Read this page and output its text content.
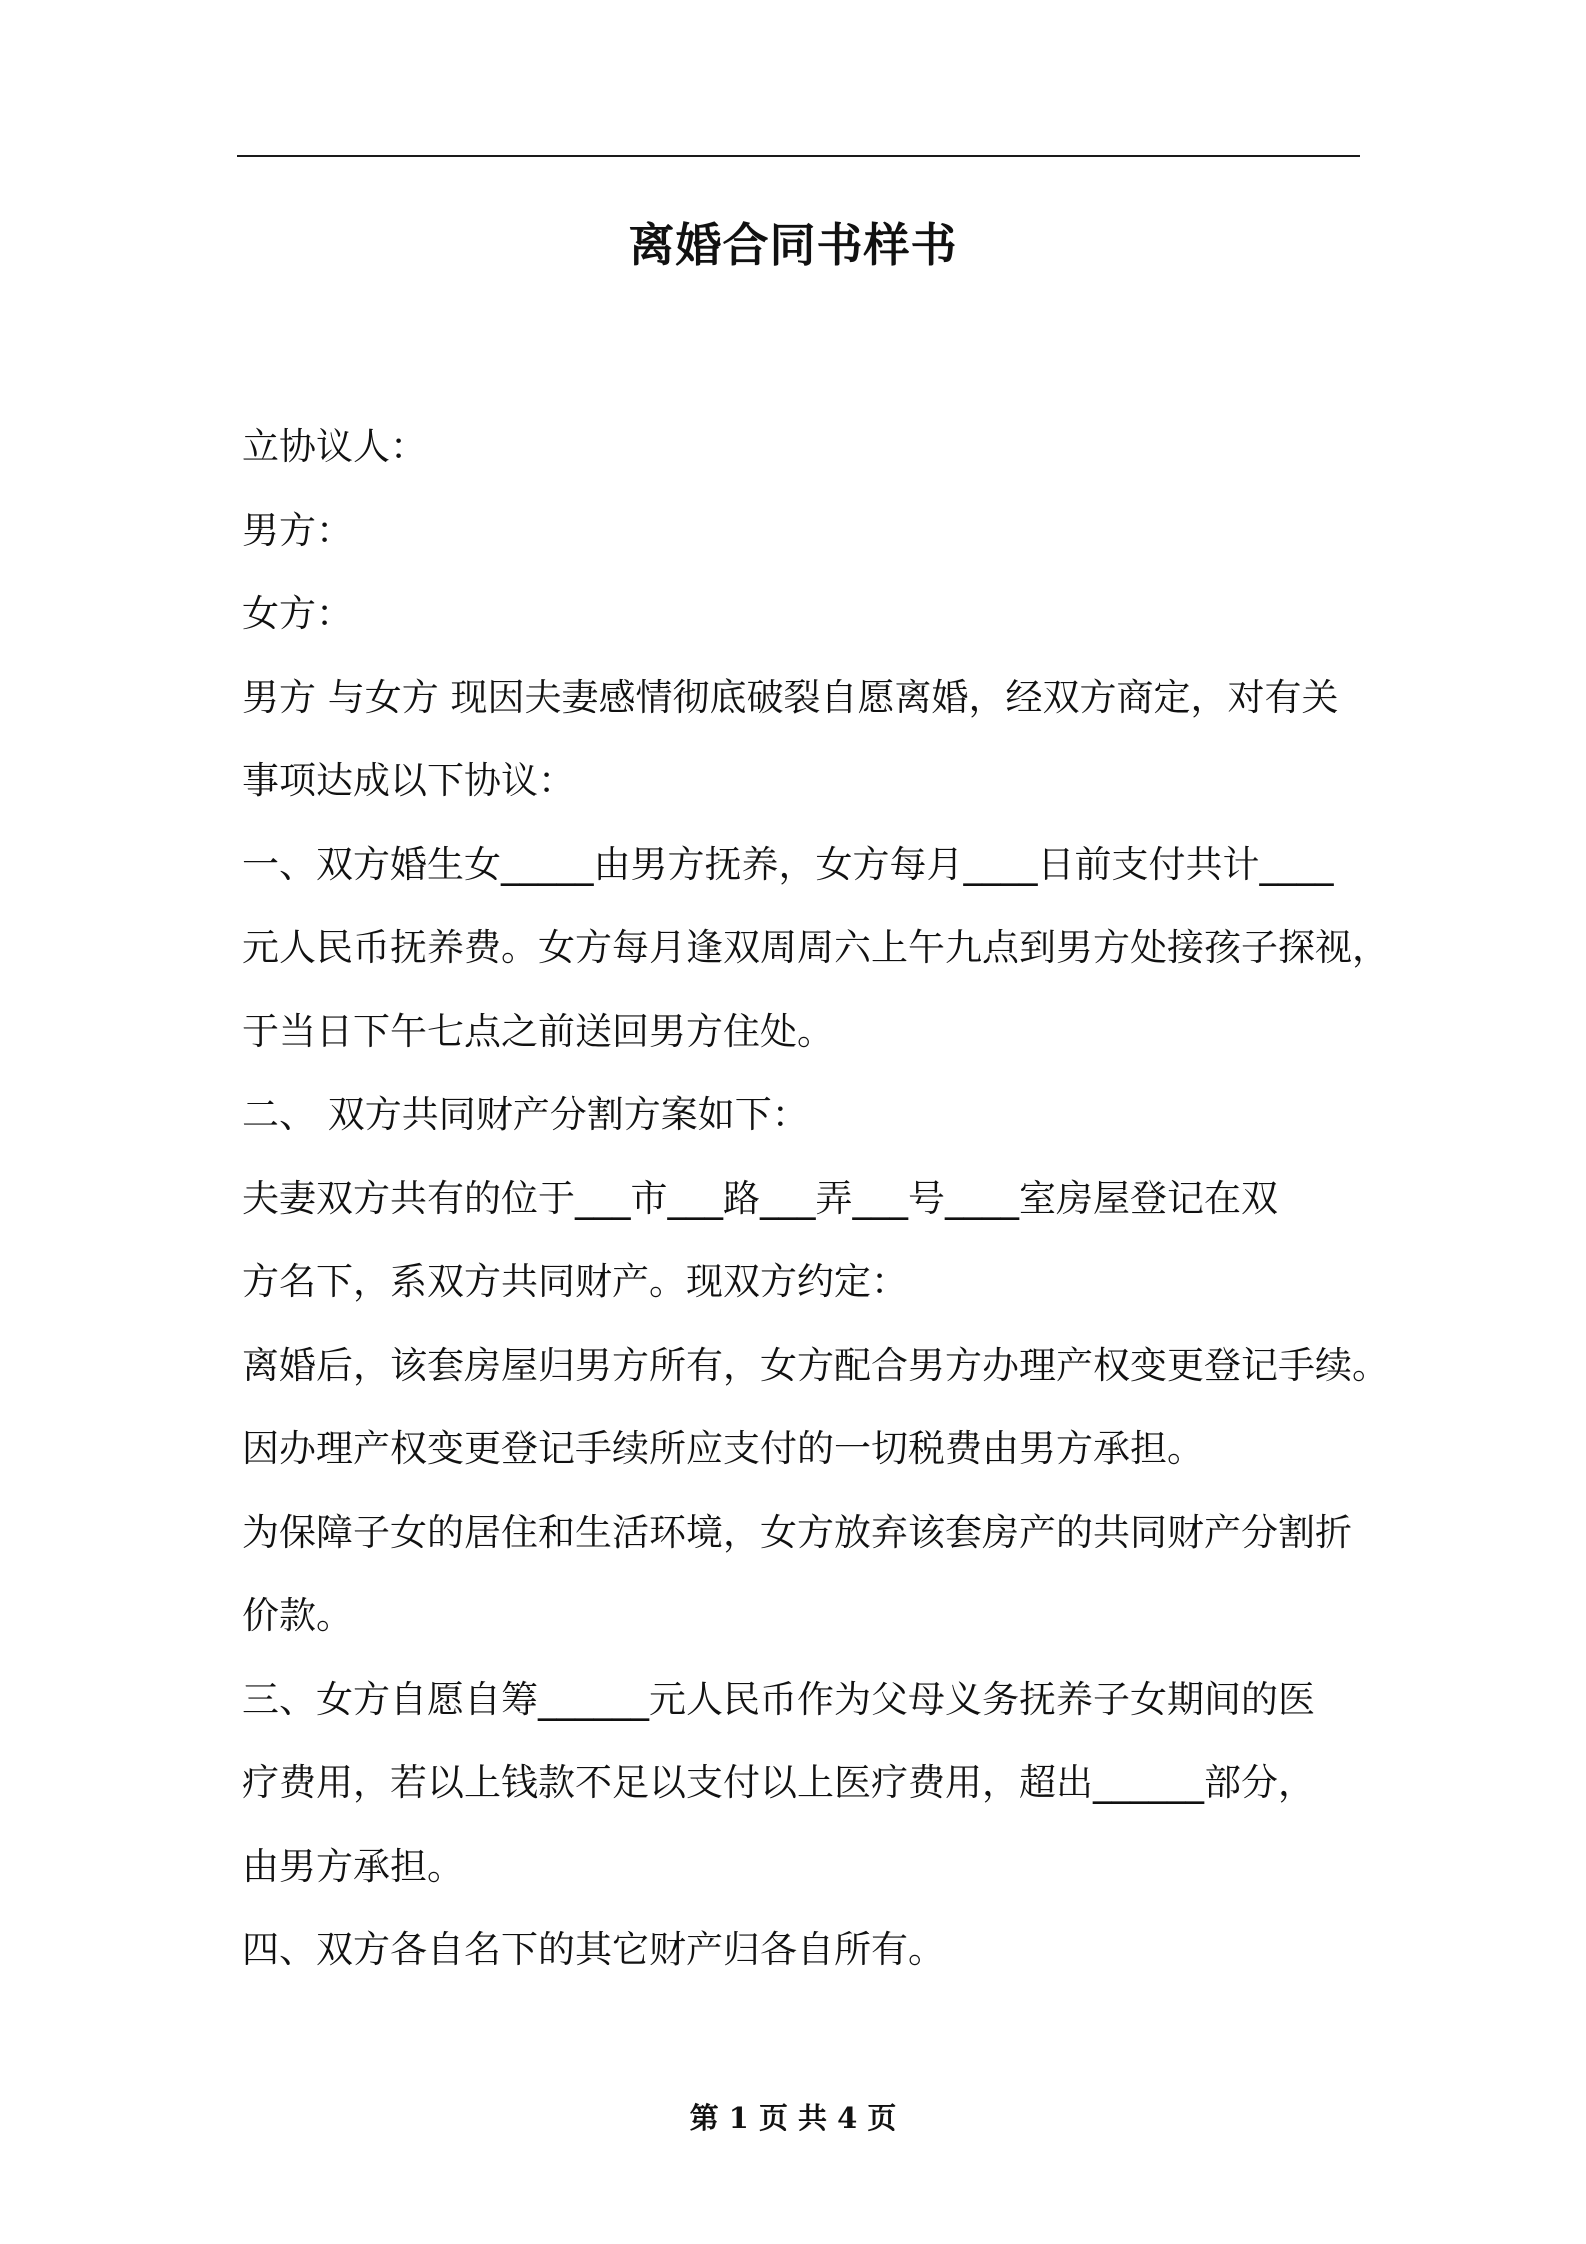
离婚合同书样书
立协议人：
男方：
女方：
男方 与女方 现因夫妻感情彻底破裂自愿离婚，经双方商定，对有关
事项达成以下协议：
一、双方婚生女_____由男方抚养，女方每月____日前支付共计____
元人民币抚养费。女方每月逢双周周六上午九点到男方处接孩子探视，
于当日下午七点之前送回男方住处。
二、 双方共同财产分割方案如下：
夫妻双方共有的位于___市___路___弄___号____室房屋登记在双
方名下，系双方共同财产。现双方约定：
离婚后，该套房屋归男方所有，女方配合男方办理产权变更登记手续。
因办理产权变更登记手续所应支付的一切税费由男方承担。
为保障子女的居住和生活环境，女方放弃该套房产的共同财产分割折
价款。
三、女方自愿自筹______元人民币作为父母义务抚养子女期间的医
疗费用，若以上钱款不足以支付以上医疗费用，超出______部分，
由男方承担。
四、双方各自名下的其它财产归各自所有。
第 1 页 共 4 页
